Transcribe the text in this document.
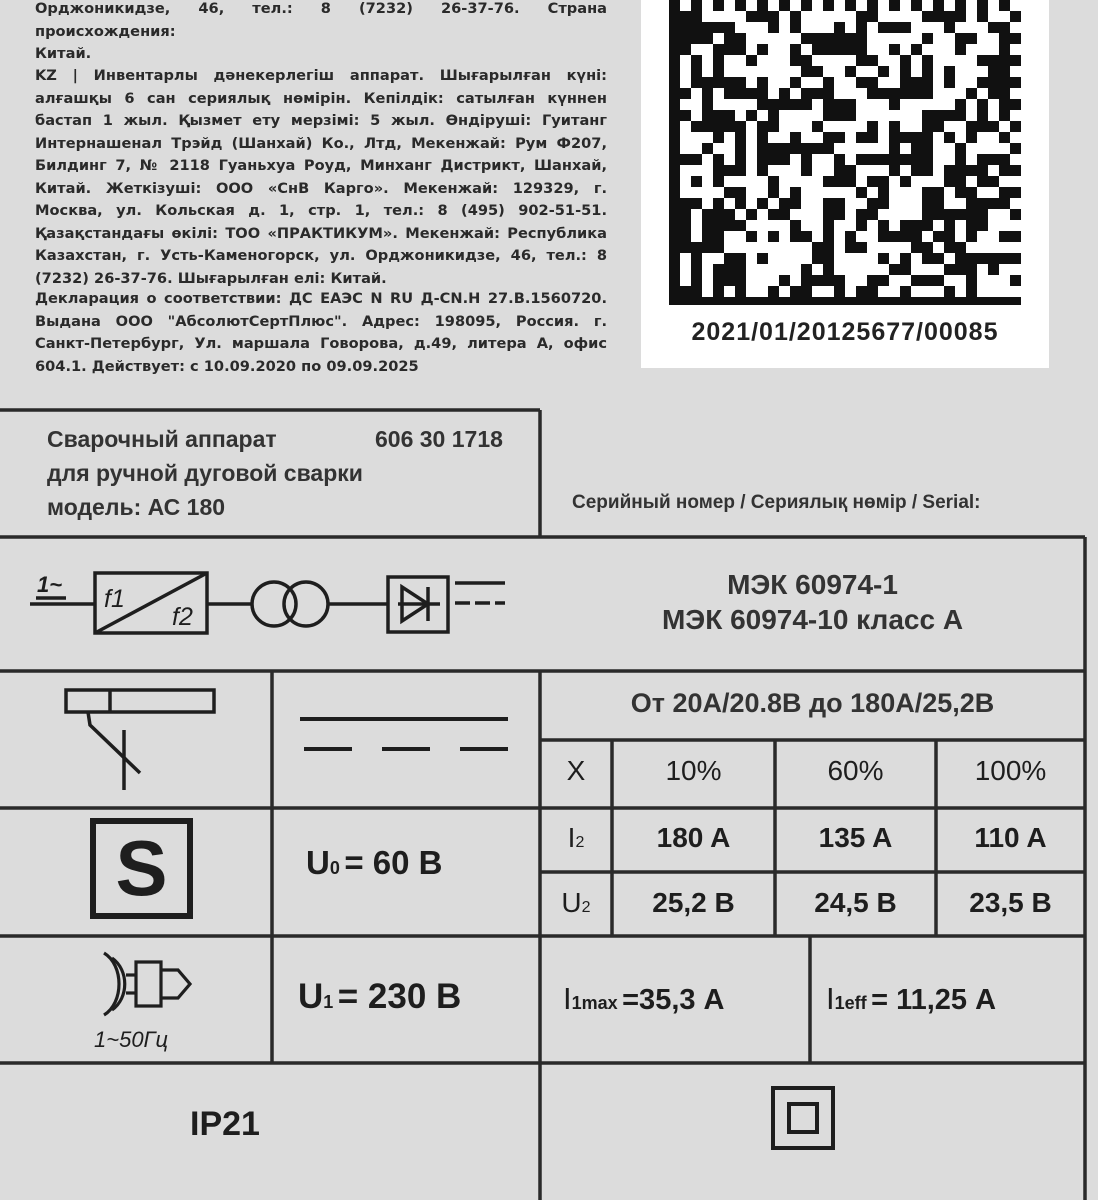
Орджоникидзе, 46, тел.: 8 (7232) 26-37-76. Страна происхождения:

Китай.

KZ | Инвентарлы дәнекерлегіш аппарат. Шығарылған күні: алғашқы 6 сан сериялық нөмірін. Кепілдік: сатылған күннен бастап 1 жыл. Қызмет ету мерзімі: 5 жыл. Өндіруші: Гуитанг Интернашенал Трэйд (Шанхай) Ко., Лтд, Мекенжай: Рум Ф207, Билдинг 7, № 2118 Гуаньхуа Роуд, Минханг Дистрикт, Шанхай, Китай. Жеткізуші: ООО «СнВ Карго». Мекенжай: 129329, г. Москва, ул. Кольская д. 1, стр. 1, тел.: 8 (495) 902-51-51. Қазақстандағы өкілі: ТОО «ПРАКТИКУМ». Мекенжай: Республика Казахстан, г. Усть-Каменогорск, ул. Орджоникидзе, 46, тел.: 8 (7232) 26-37-76. Шығарылған елі: Китай.
Декларация о соответствии: ДС ЕАЭС N RU Д-CN.Н 27.В.1560720. Выдана ООО "АбсолютСертПлюс". Адрес: 198095, Россия. г. Санкт-Петербург, Ул. маршала Говорова, д.49, литера А, офис 604.1. Действует: с 10.09.2020 по 09.09.2025
2021/01/20125677/00085
Сварочный аппарат	606 30 1718
для ручной дуговой сварки
модель: АС 180	Серийный номер / Сериялық нөмір / Serial:
1~
f1
f2
МЭК 60974-1
МЭК 60974-10 класс А
От 20А/20.8В до 180А/25,2В
X	10%	60%	100%
I2	180 A	135 A	110 A
U2	25,2 В	24,5 В	23,5 В
S	U0 = 60 В
1~50Гц
U1 = 230 В	I1max =35,3 А	I1eff = 11,25 А
IP21
